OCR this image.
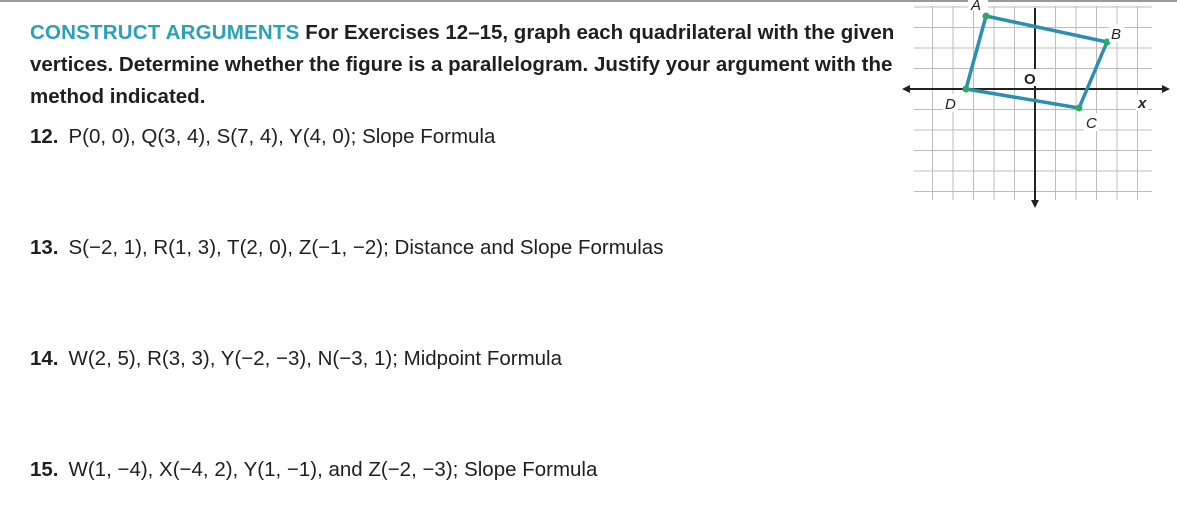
CONSTRUCT ARGUMENTS For Exercises 12–15, graph each quadrilateral with the given vertices. Determine whether the figure is a parallelogram. Justify your argument with the method indicated.
12. P(0, 0), Q(3, 4), S(7, 4), Y(4, 0); Slope Formula
13. S(−2, 1), R(1, 3), T(2, 0), Z(−1, −2); Distance and Slope Formulas
14. W(2, 5), R(3, 3), Y(−2, −3), N(−3, 1); Midpoint Formula
15. W(1, −4), X(−4, 2), Y(1, −1), and Z(−2, −3); Slope Formula
A
B
C
D
O
x
